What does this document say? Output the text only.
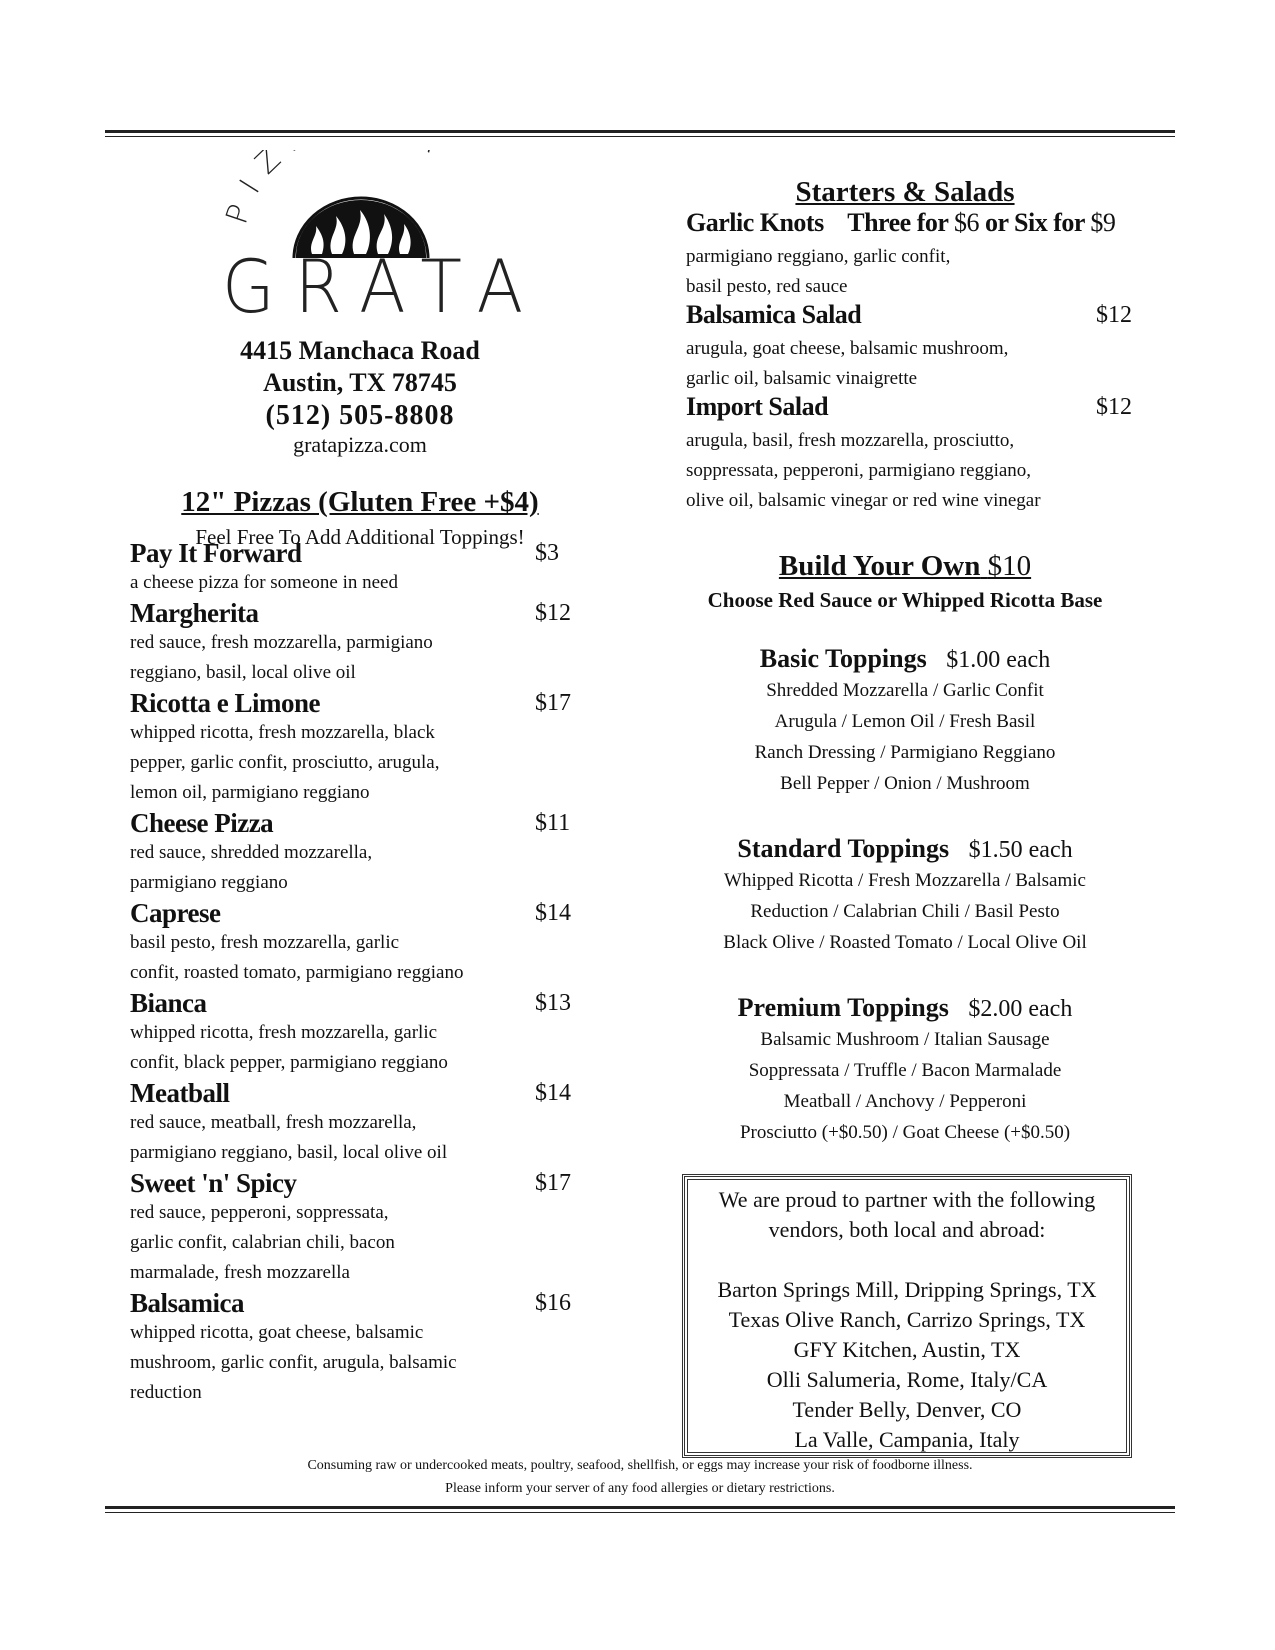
PIZ
GRATA
4415 Manchaca Road
Austin, TX 78745
(512) 505-8808
gratapizza.com
12" Pizzas (Gluten Free +$4)
Feel Free To Add Additional Toppings!
Pay It Forward	$3
a cheese pizza for someone in need
Margherita	$12
red sauce, fresh mozzarella, parmigiano
reggiano, basil, local olive oil
Ricotta e Limone	$17
whipped ricotta, fresh mozzarella, black
pepper, garlic confit, prosciutto, arugula,
lemon oil, parmigiano reggiano
Cheese Pizza	$11
red sauce, shredded mozzarella,
parmigiano reggiano
Caprese	$14
basil pesto, fresh mozzarella, garlic
confit, roasted tomato, parmigiano reggiano
Bianca	$13
whipped ricotta, fresh mozzarella, garlic
confit, black pepper, parmigiano reggiano
Meatball	$14
red sauce, meatball, fresh mozzarella,
parmigiano reggiano, basil, local olive oil
Sweet 'n' Spicy	$17
red sauce, pepperoni, soppressata,
garlic confit, calabrian chili, bacon
marmalade, fresh mozzarella
Balsamica	$16
whipped ricotta, goat cheese, balsamic
mushroom, garlic confit, arugula, balsamic
reduction
Starters & Salads
Garlic Knots Three for $6 or Six for $9
parmigiano reggiano, garlic confit,
basil pesto, red sauce
Balsamica Salad	$12
arugula, goat cheese, balsamic mushroom,
garlic oil, balsamic vinaigrette
Import Salad	$12
arugula, basil, fresh mozzarella, prosciutto,
soppressata, pepperoni, parmigiano reggiano,
olive oil, balsamic vinegar or red wine vinegar
Build Your Own $10
Choose Red Sauce or Whipped Ricotta Base
Basic Toppings $1.00 each
Shredded Mozzarella / Garlic Confit
Arugula / Lemon Oil / Fresh Basil
Ranch Dressing / Parmigiano Reggiano
Bell Pepper / Onion / Mushroom
Standard Toppings $1.50 each
Whipped Ricotta / Fresh Mozzarella / Balsamic
Reduction / Calabrian Chili / Basil Pesto
Black Olive / Roasted Tomato / Local Olive Oil
Premium Toppings $2.00 each
Balsamic Mushroom / Italian Sausage
Soppressata / Truffle / Bacon Marmalade
Meatball / Anchovy / Pepperoni
Prosciutto (+$0.50) / Goat Cheese (+$0.50)
We are proud to partner with the following
vendors, both local and abroad:
Barton Springs Mill, Dripping Springs, TX
Texas Olive Ranch, Carrizo Springs, TX
GFY Kitchen, Austin, TX
Olli Salumeria, Rome, Italy/CA
Tender Belly, Denver, CO
La Valle, Campania, Italy
Consuming raw or undercooked meats, poultry, seafood, shellfish, or eggs may increase your risk of foodborne illness.
Please inform your server of any food allergies or dietary restrictions.
